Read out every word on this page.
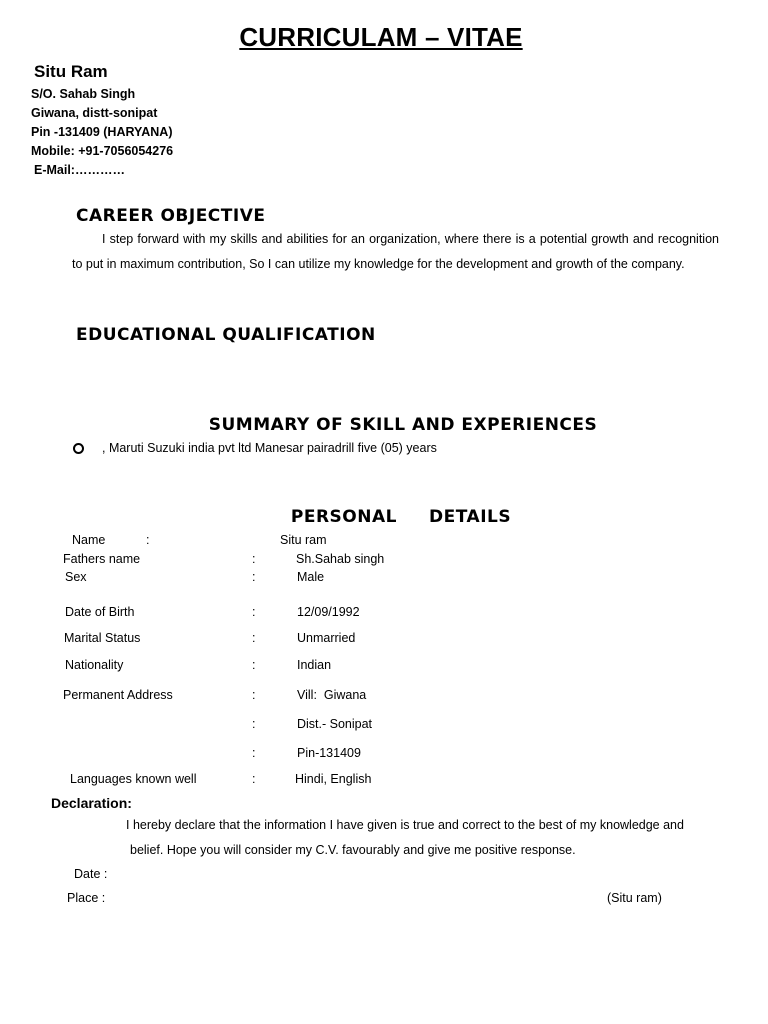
CURRICULAM – VITAE
Situ Ram
S/O. Sahab Singh
Giwana, distt-sonipat
Pin -131409 (HARYANA)
Mobile: +91-7056054276
E-Mail:…………
CAREER OBJECTIVE
I step forward with my skills and abilities for an organization, where there is a potential growth and recognition to put in maximum contribution, So I can utilize my knowledge for the development and growth of the company.
EDUCATIONAL QUALIFICATION
SUMMARY OF SKILL AND EXPERIENCES
, Maruti Suzuki india pvt ltd Manesar pairadrill five (05) years
PERSONAL     DETAILS
Name	:	Situ ram
Fathers name	:	Sh.Sahab singh
Sex	:	Male
Date of Birth	:	12/09/1992
Marital Status	:	Unmarried
Nationality	:	Indian
Permanent Address	:	Vill:  Giwana
:	Dist.- Sonipat
:	Pin-131409
Languages known well	:	Hindi, English
Declaration:
I hereby declare that the information I have given is true and correct to the best of my knowledge and
belief. Hope you will consider my C.V. favourably and give me positive response.
Date :
Place :	(Situ ram)
